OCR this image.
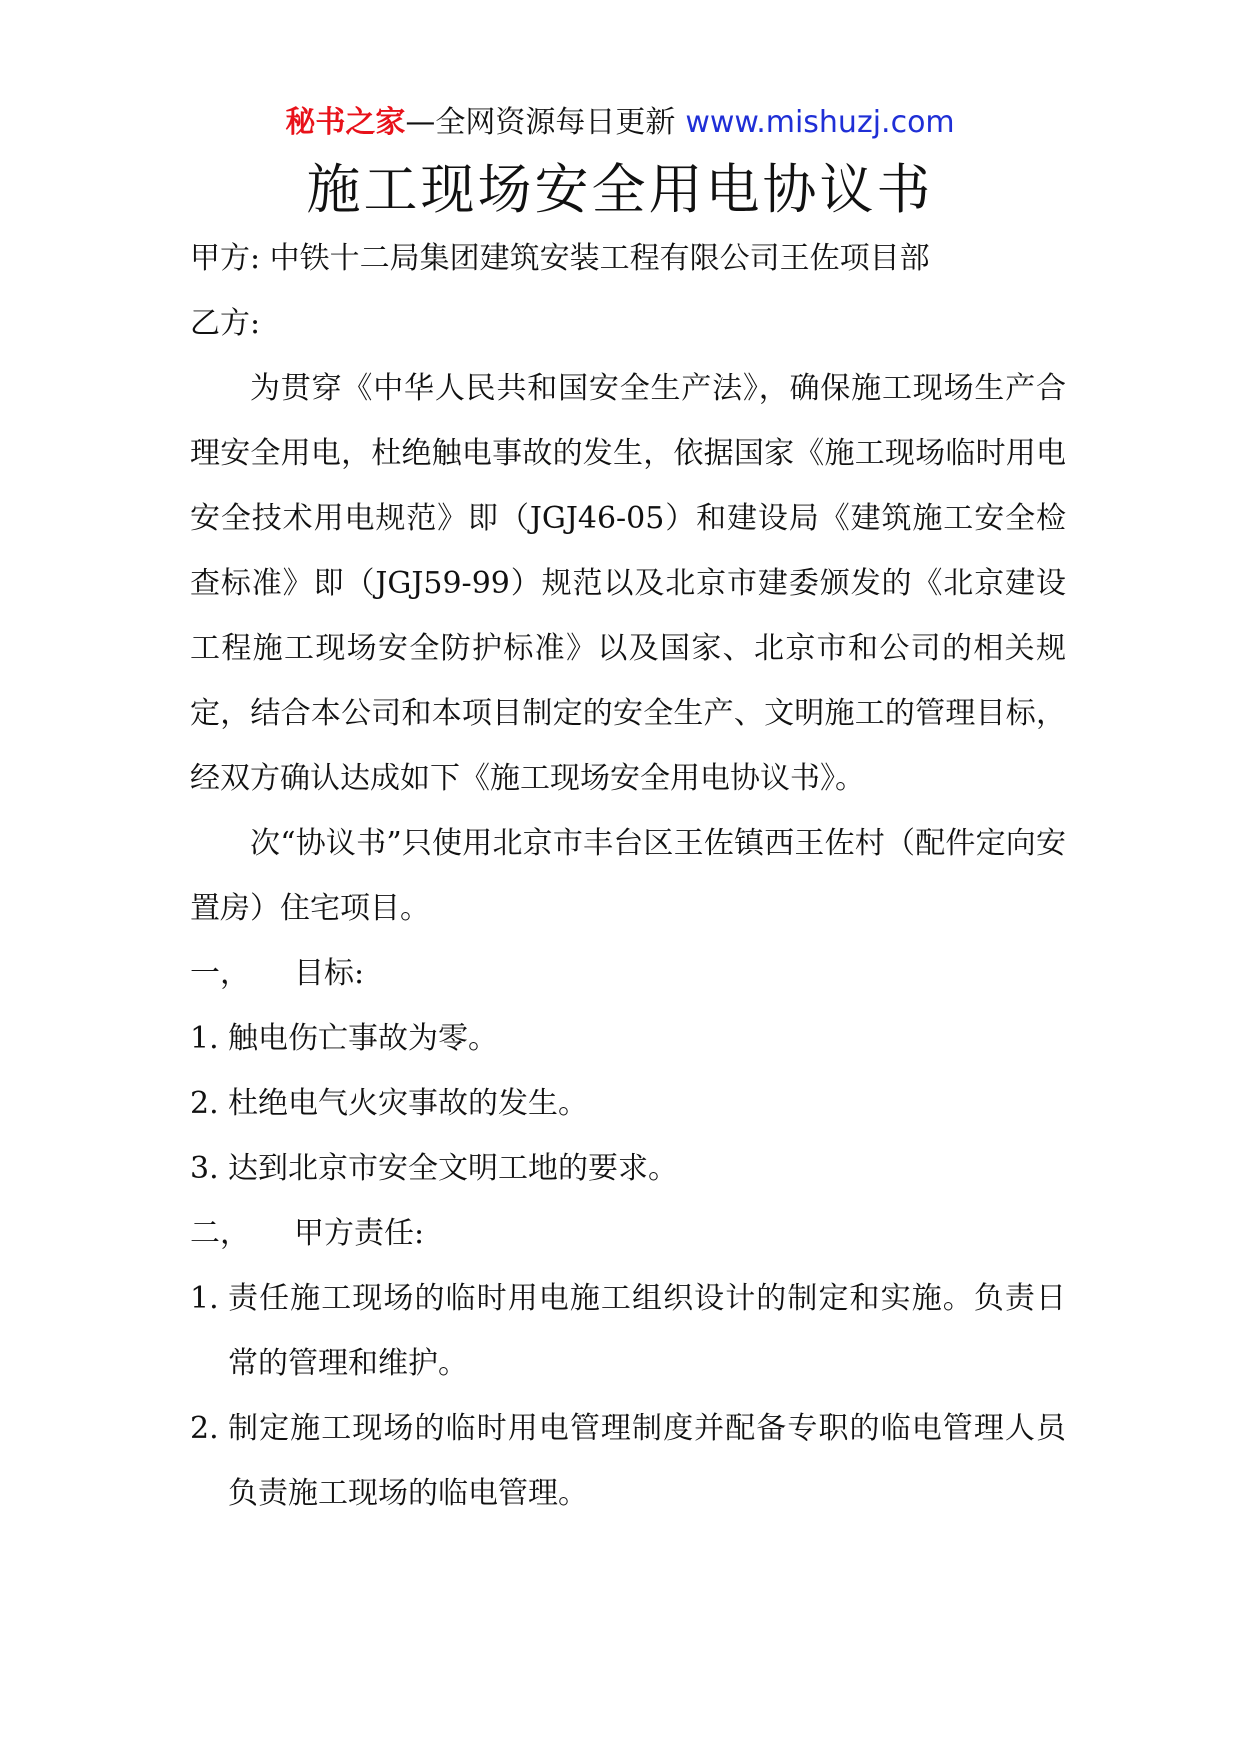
秘书之家—全网资源每日更新 www.mishuzj.com
施工现场安全用电协议书

甲方: 中铁十二局集团建筑安装工程有限公司王佐项目部

乙方:

为贯穿《中华人民共和国安全生产法》，确保施工现场生产合理安全用电，杜绝触电事故的发生，依据国家《施工现场临时用电安全技术用电规范》即（JGJ46-05）和建设局《建筑施工安全检查标准》即（JGJ59-99）规范以及北京市建委颁发的《北京建设工程施工现场安全防护标准》以及国家、北京市和公司的相关规定，结合本公司和本项目制定的安全生产、文明施工的管理目标，经双方确认达成如下《施工现场安全用电协议书》。

次“协议书”只使用北京市丰台区王佐镇西王佐村（配件定向安置房）住宅项目。

一， 目标:

1. 触电伤亡事故为零。

2. 杜绝电气火灾事故的发生。

3. 达到北京市安全文明工地的要求。

二， 甲方责任:

1. 责任施工现场的临时用电施工组织设计的制定和实施。负责日常的管理和维护。

2. 制定施工现场的临时用电管理制度并配备专职的临电管理人员负责施工现场的临电管理。
